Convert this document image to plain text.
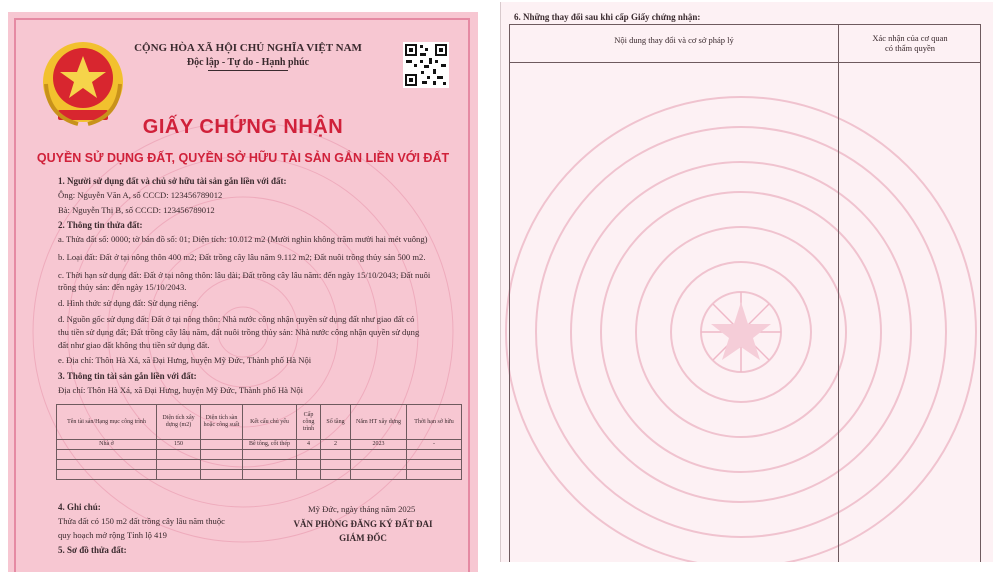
CỘNG HÒA XÃ HỘI CHỦ NGHĨA VIỆT NAM
Độc lập - Tự do - Hạnh phúc
GIẤY CHỨNG NHẬN
QUYỀN SỬ DỤNG ĐẤT, QUYỀN SỞ HỮU TÀI SẢN GẮN LIỀN VỚI ĐẤT
1. Người sử dụng đất và chủ sở hữu tài sản gắn liền với đất:
Ông: Nguyễn Văn A, số CCCD: 123456789012
Bà: Nguyễn Thị B, số CCCD: 123456789012
2. Thông tin thửa đất:
a. Thửa đất số: 0000; tờ bản đồ số: 01; Diện tích: 10.012 m2 (Mười nghìn không trăm mười hai mét vuông)
b. Loại đất: Đất ở tại nông thôn 400 m2; Đất trồng cây lâu năm 9.112 m2; Đất nuôi trồng thủy sản 500 m2.
c. Thời hạn sử dụng đất: Đất ở tại nông thôn: lâu dài; Đất trồng cây lâu năm: đến ngày 15/10/2043; Đất nuôi
trồng thủy sản: đến ngày 15/10/2043.
d. Hình thức sử dụng đất: Sử dụng riêng.
đ. Nguồn gốc sử dụng đất: Đất ở tại nông thôn: Nhà nước công nhận quyền sử dụng đất như giao đất có
thu tiền sử dụng đất; Đất trồng cây lâu năm, đất nuôi trồng thủy sản: Nhà nước công nhận quyền sử dụng
đất như giao đất không thu tiền sử dụng đất.
e. Địa chỉ: Thôn Hà Xá, xã Đại Hưng, huyện Mỹ Đức, Thành phố Hà Nội
3. Thông tin tài sản gắn liền với đất:
Địa chỉ: Thôn Hà Xá, xã Đại Hưng, huyện Mỹ Đức, Thành phố Hà Nội
Tên tài sản/Hạng mục công trình	Diện tích xây dựng (m2)	Diện tích sàn hoặc công suất	Kết cấu chủ yếu	Cấp công trình	Số tầng	Năm HT xây dựng	Thời hạn sở hữu
Nhà ở	150		Bê tông, cốt thép	4	2	2023	-

4. Ghi chú:
Thửa đất có 150 m2 đất trồng cây lâu năm thuộc
quy hoạch mở rộng Tỉnh lộ 419
5. Sơ đồ thửa đất:
Mỹ Đức, ngày tháng năm 2025
VĂN PHÒNG ĐĂNG KÝ ĐẤT ĐAI
GIÁM ĐỐC
6. Những thay đổi sau khi cấp Giấy chứng nhận:
Nội dung thay đổi và cơ sở pháp lý	Xác nhận của cơ quan
có thẩm quyền
